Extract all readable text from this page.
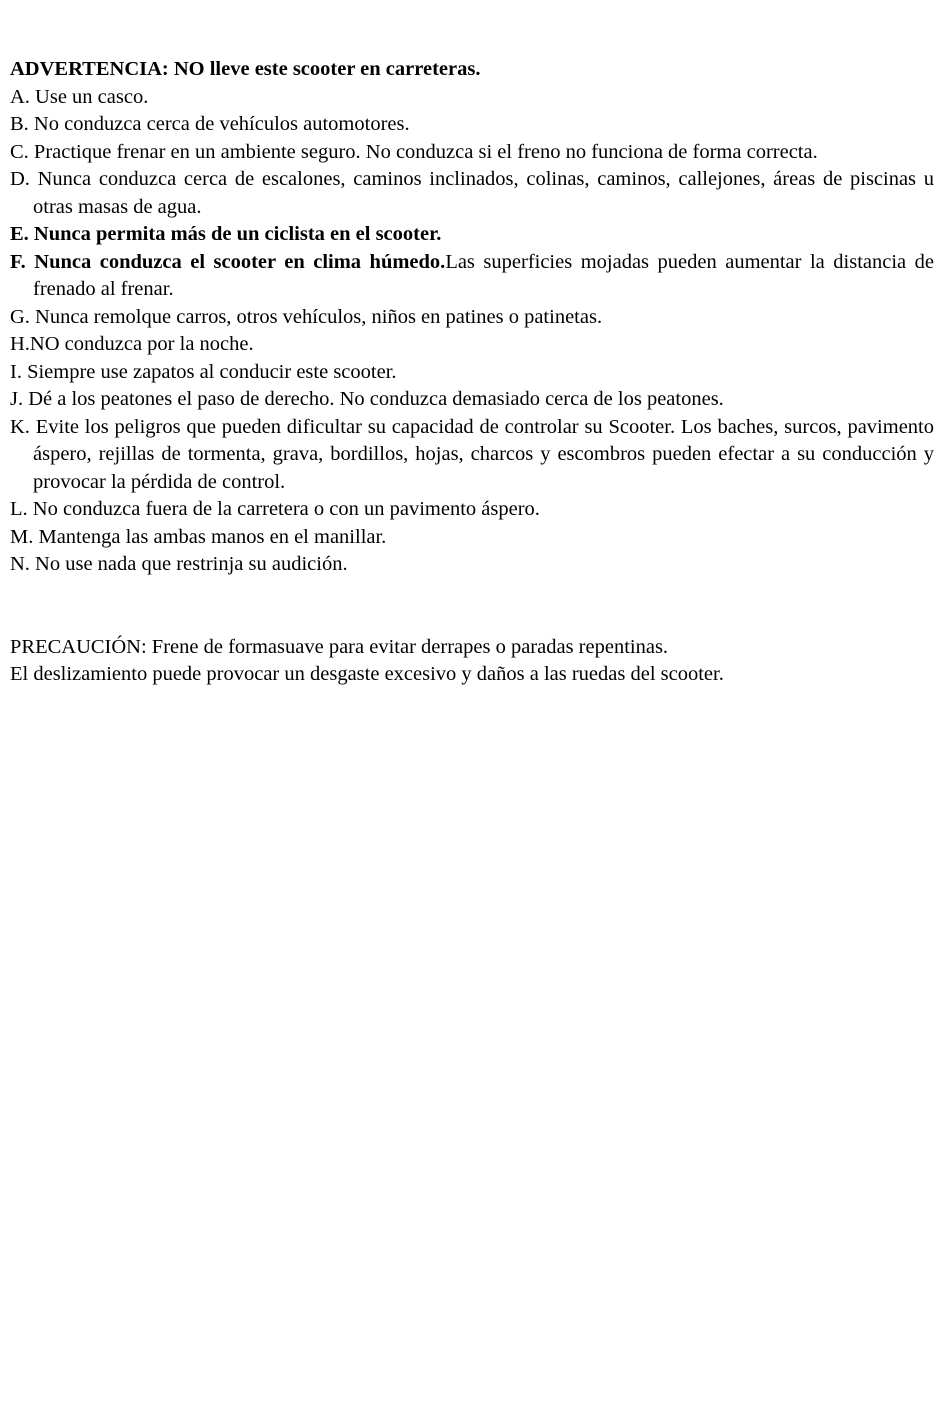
ADVERTENCIA: NO lleve este scooter en carreteras.

A. Use un casco.

B. No conduzca cerca de vehículos automotores.

C. Practique frenar en un ambiente seguro. No conduzca si el freno no funciona de forma correcta.

D. Nunca conduzca cerca de escalones, caminos inclinados, colinas, caminos, callejones, áreas de piscinas u otras masas de agua.

E. Nunca permita más de un ciclista en el scooter.

F. Nunca conduzca el scooter en clima húmedo.Las superficies mojadas pueden aumentar la distancia de frenado al frenar.

G. Nunca remolque carros, otros vehículos, niños en patines o patinetas.

H.NO conduzca por la noche.

I. Siempre use zapatos al conducir este scooter.

J. Dé a los peatones el paso de derecho. No conduzca demasiado cerca de los peatones.

K. Evite los peligros que pueden dificultar su capacidad de controlar su Scooter. Los baches, surcos, pavimento áspero, rejillas de tormenta, grava, bordillos, hojas, charcos y escombros pueden efectar a su conducción y provocar la pérdida de control.

L. No conduzca fuera de la carretera o con un pavimento áspero.

M. Mantenga las ambas manos en el manillar.

N. No use nada que restrinja su audición.

PRECAUCIÓN: Frene de formasuave para evitar derrapes o paradas repentinas.

El deslizamiento puede provocar un desgaste excesivo y daños a las ruedas del scooter.
